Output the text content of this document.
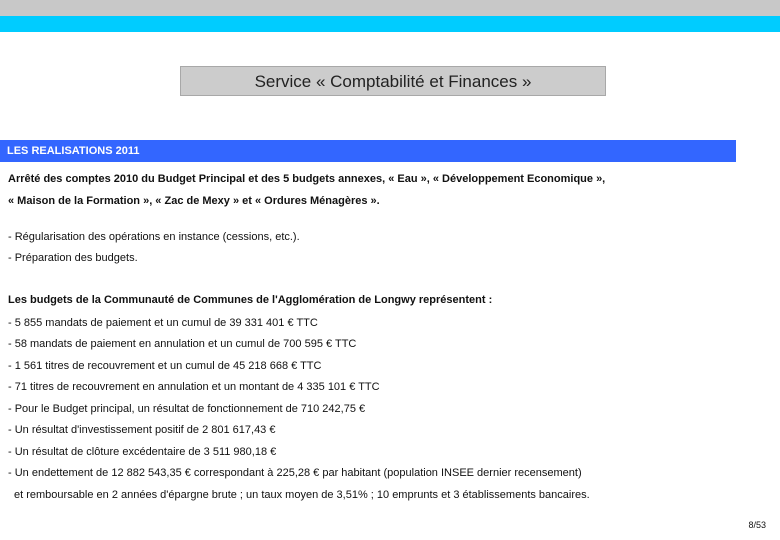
Service « Comptabilité et Finances »
LES REALISATIONS 2011
Arrêté des comptes 2010 du Budget Principal et des 5 budgets annexes, « Eau », « Développement Economique »,
« Maison de la Formation », « Zac de Mexy » et « Ordures Ménagères ».
- Régularisation des opérations en instance (cessions, etc.).
- Préparation des budgets.
Les budgets de la Communauté de Communes de l'Agglomération de Longwy représentent :
- 5 855 mandats de paiement et un cumul de 39 331 401 € TTC
- 58 mandats de paiement en annulation et un cumul de 700 595 € TTC
- 1 561 titres de recouvrement et un cumul de 45 218 668 € TTC
- 71 titres de recouvrement en annulation et un montant de 4 335 101 € TTC
- Pour le Budget principal, un résultat de fonctionnement de 710 242,75 €
- Un résultat d'investissement positif de 2 801 617,43 €
- Un résultat de clôture excédentaire de 3 511 980,18 €
- Un endettement de 12 882 543,35 € correspondant à 225,28 € par habitant (population INSEE dernier recensement)
et remboursable en 2 années d'épargne brute ; un taux moyen de 3,51% ; 10 emprunts et 3 établissements bancaires.
8/53
